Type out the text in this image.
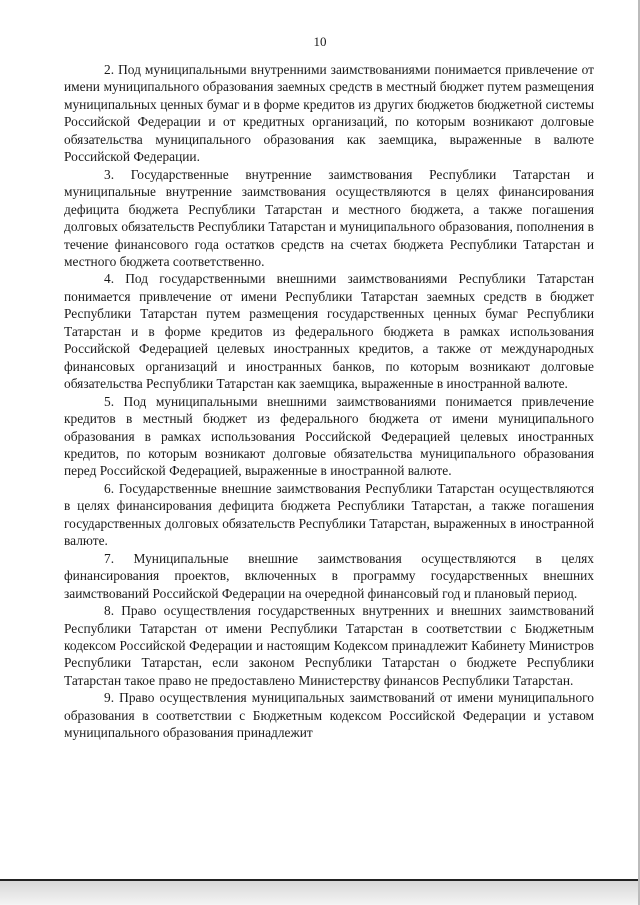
10

2. Под муниципальными внутренними заимствованиями понимается привлечение от имени муниципального образования заемных средств в местный бюджет путем размещения муниципальных ценных бумаг и в форме кредитов из других бюджетов бюджетной системы Российской Федерации и от кредитных организаций, по которым возникают долговые обязательства муниципального образования как заемщика, выраженные в валюте Российской Федерации.

3. Государственные внутренние заимствования Республики Татарстан и муниципальные внутренние заимствования осуществляются в целях финансирования дефицита бюджета Республики Татарстан и местного бюджета, а также погашения долговых обязательств Республики Татарстан и муниципального образования, пополнения в течение финансового года остатков средств на счетах бюджета Республики Татарстан и местного бюджета соответственно.

4. Под государственными внешними заимствованиями Республики Татарстан понимается привлечение от имени Республики Татарстан заемных средств в бюджет Республики Татарстан путем размещения государственных ценных бумаг Республики Татарстан и в форме кредитов из федерального бюджета в рамках использования Российской Федерацией целевых иностранных кредитов, а также от международных финансовых организаций и иностранных банков, по которым возникают долговые обязательства Республики Татарстан как заемщика, выраженные в иностранной валюте.

5. Под муниципальными внешними заимствованиями понимается привлечение кредитов в местный бюджет из федерального бюджета от имени муниципального образования в рамках использования Российской Федерацией целевых иностранных кредитов, по которым возникают долговые обязательства муниципального образования перед Российской Федерацией, выраженные в иностранной валюте.

6. Государственные внешние заимствования Республики Татарстан осуществляются в целях финансирования дефицита бюджета Республики Татарстан, а также погашения государственных долговых обязательств Республики Татарстан, выраженных в иностранной валюте.

7. Муниципальные внешние заимствования осуществляются в целях финансирования проектов, включенных в программу государственных внешних заимствований Российской Федерации на очередной финансовый год и плановый период.

8. Право осуществления государственных внутренних и внешних заимствований Республики Татарстан от имени Республики Татарстан в соответствии с Бюджетным кодексом Российской Федерации и настоящим Кодексом принадлежит Кабинету Министров Республики Татарстан, если законом Республики Татарстан о бюджете Республики Татарстан такое право не предоставлено Министерству финансов Республики Татарстан.

9. Право осуществления муниципальных заимствований от имени муниципального образования в соответствии с Бюджетным кодексом Российской Федерации и уставом муниципального образования принадлежит
